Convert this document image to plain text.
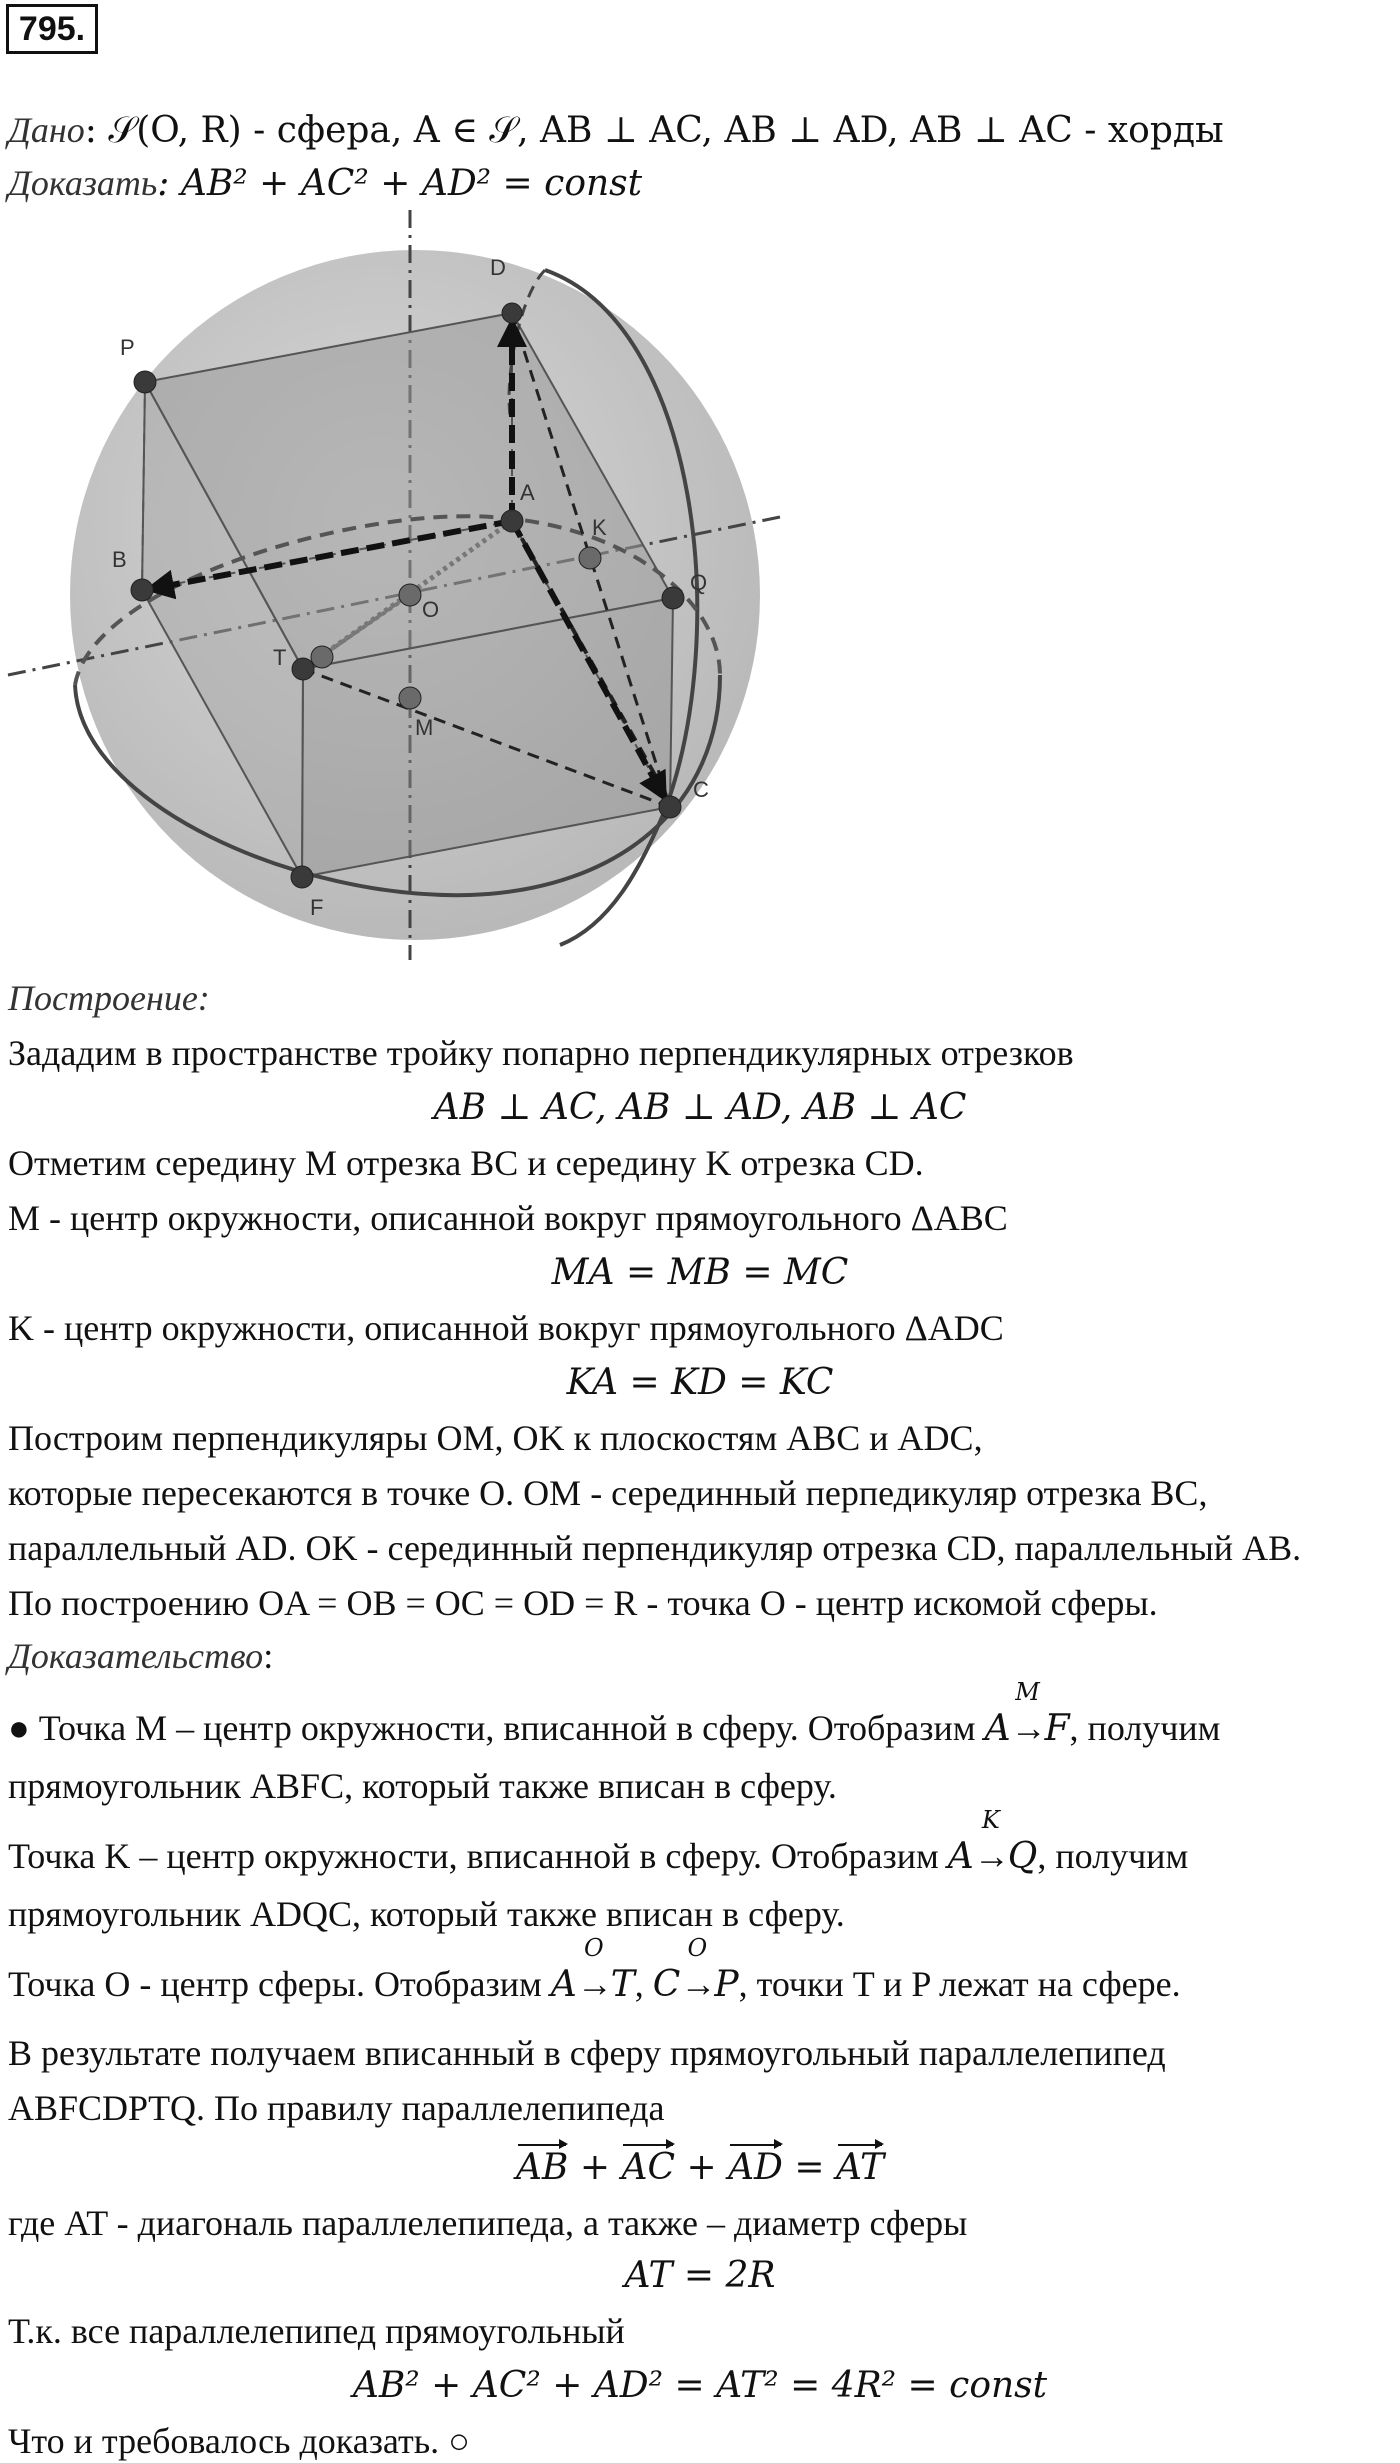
795.
Дано: 𝒮(O, R) - сфера, A ∈ 𝒮, AB ⊥ AC, AB ⊥ AD, AB ⊥ AC - хорды
Доказать: AB² + AC² + AD² = const
D
P
A
K
B
O
Q
T
M
C
F
Построение:
Зададим в пространстве тройку попарно перпендикулярных отрезков
AB ⊥ AC, AB ⊥ AD, AB ⊥ AC
Отметим середину M отрезка BC и середину K отрезка CD.
M - центр окружности, описанной вокруг прямоугольного ΔABC
MA = MB = MC
K - центр окружности, описанной вокруг прямоугольного ΔADC
KA = KD = KC
Построим перпендикуляры OM, OK к плоскостям ABC и ADC,
которые пересекаются в точке O. OM - серединный перпедикуляр отрезка BC,
параллельный AD. OK - серединный перпендикуляр отрезка CD, параллельный AB.
По построению OA = OB = OC = OD = R - точка O - центр искомой сферы.
Доказательство:
● Точка M – центр окружности, вписанной в сферу. Отобразим A
M
→F, получим
прямоугольник ABFC, который также вписан в сферу.
Точка K – центр окружности, вписанной в сферу. Отобразим A
K
→Q, получим
прямоугольник ADQC, который также вписан в сферу.
Точка O - центр сферы. Отобразим A
O
→T, C
O
→P, точки T и P лежат на сфере.
В результате получаем вписанный в сферу прямоугольный параллелепипед
ABFCDPTQ. По правилу параллелепипеда
AB + AC + AD = AT
где AT - диагональ параллелепипеда, а также – диаметр сферы
AT = 2R
Т.к. все параллелепипед прямоугольный
AB² + AC² + AD² = AT² = 4R² = const
Что и требовалось доказать. ○
